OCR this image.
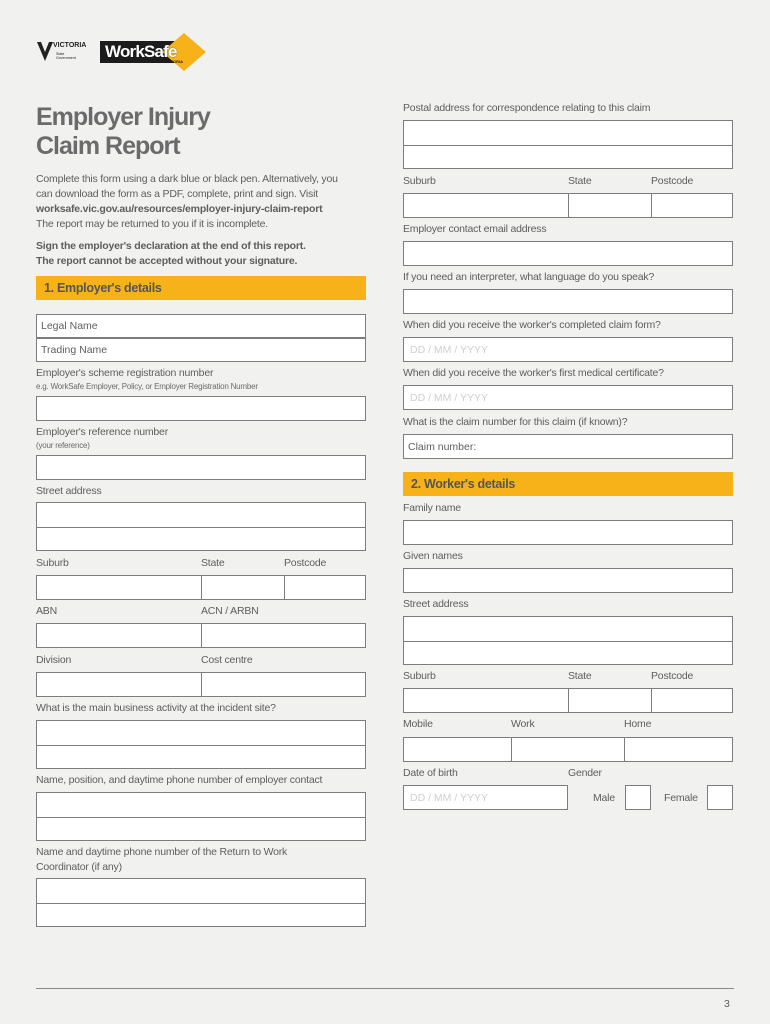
VICTORIA
State Government WorkSafe
VICTORIA
Employer Injury
Claim Report
Complete this form using a dark blue or black pen. Alternatively, you
can download the form as a PDF, complete, print and sign. Visit
worksafe.vic.gov.au/resources/employer-injury-claim-report
The report may be returned to you if it is incomplete.
Sign the employer's declaration at the end of this report.
The report cannot be accepted without your signature.
1. Employer's details
Legal Name
Trading Name
Employer's scheme registration number
e.g. WorkSafe Employer, Policy, or Employer Registration Number
Employer's reference number
(your reference)
Street address
Suburb	State	Postcode
ABN	ACN / ARBN
Division	Cost centre
What is the main business activity at the incident site?
Name, position, and daytime phone number of employer contact
Name and daytime phone number of the Return to Work
Coordinator (if any)
Postal address for correspondence relating to this claim
Suburb	State	Postcode
Employer contact email address
If you need an interpreter, what language do you speak?
When did you receive the worker's completed claim form?
DD / MM / YYYY
When did you receive the worker's first medical certificate?
DD / MM / YYYY
What is the claim number for this claim (if known)?
Claim number:
2. Worker's details
Family name
Given names
Street address
Suburb	State	Postcode
Mobile	Work	Home
Date of birth	Gender
DD / MM / YYYY
Male	Female
3
